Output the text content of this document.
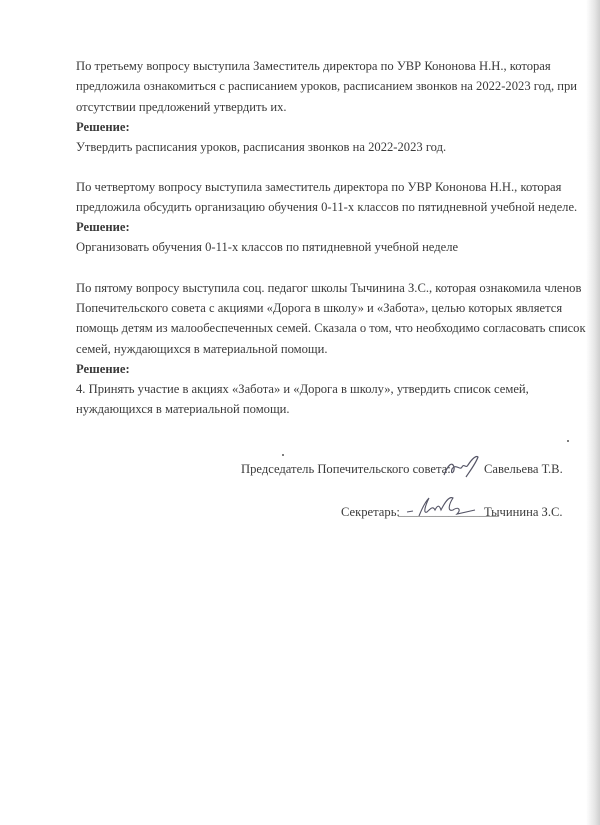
По третьему вопросу выступила Заместитель директора по УВР Кононова Н.Н., которая
предложила ознакомиться с расписанием уроков, расписанием звонков на 2022-2023 год, при
отсутствии предложений утвердить их.
Решение:
Утвердить расписания уроков, расписания звонков на 2022-2023 год.
По четвертому вопросу выступила заместитель директора по УВР Кононова Н.Н., которая
предложила обсудить организацию обучения 0-11-х классов по пятидневной учебной неделе.
Решение:
Организовать обучения 0-11-х классов по пятидневной учебной неделе
По пятому вопросу выступила соц. педагог школы Тычинина З.С., которая ознакомила членов
Попечительского совета с акциями «Дорога в школу» и «Забота», целью которых является
помощь детям из малообеспеченных семей. Сказала о том, что необходимо согласовать список
семей, нуждающихся в материальной помощи.
Решение:
4. Принять участие в акциях «Забота» и «Дорога в школу», утвердить список семей,
нуждающихся в материальной помощи.
Председатель Попечительского совета:	Савельева Т.В.
Секретарь:
________________
Тычинина З.С.
